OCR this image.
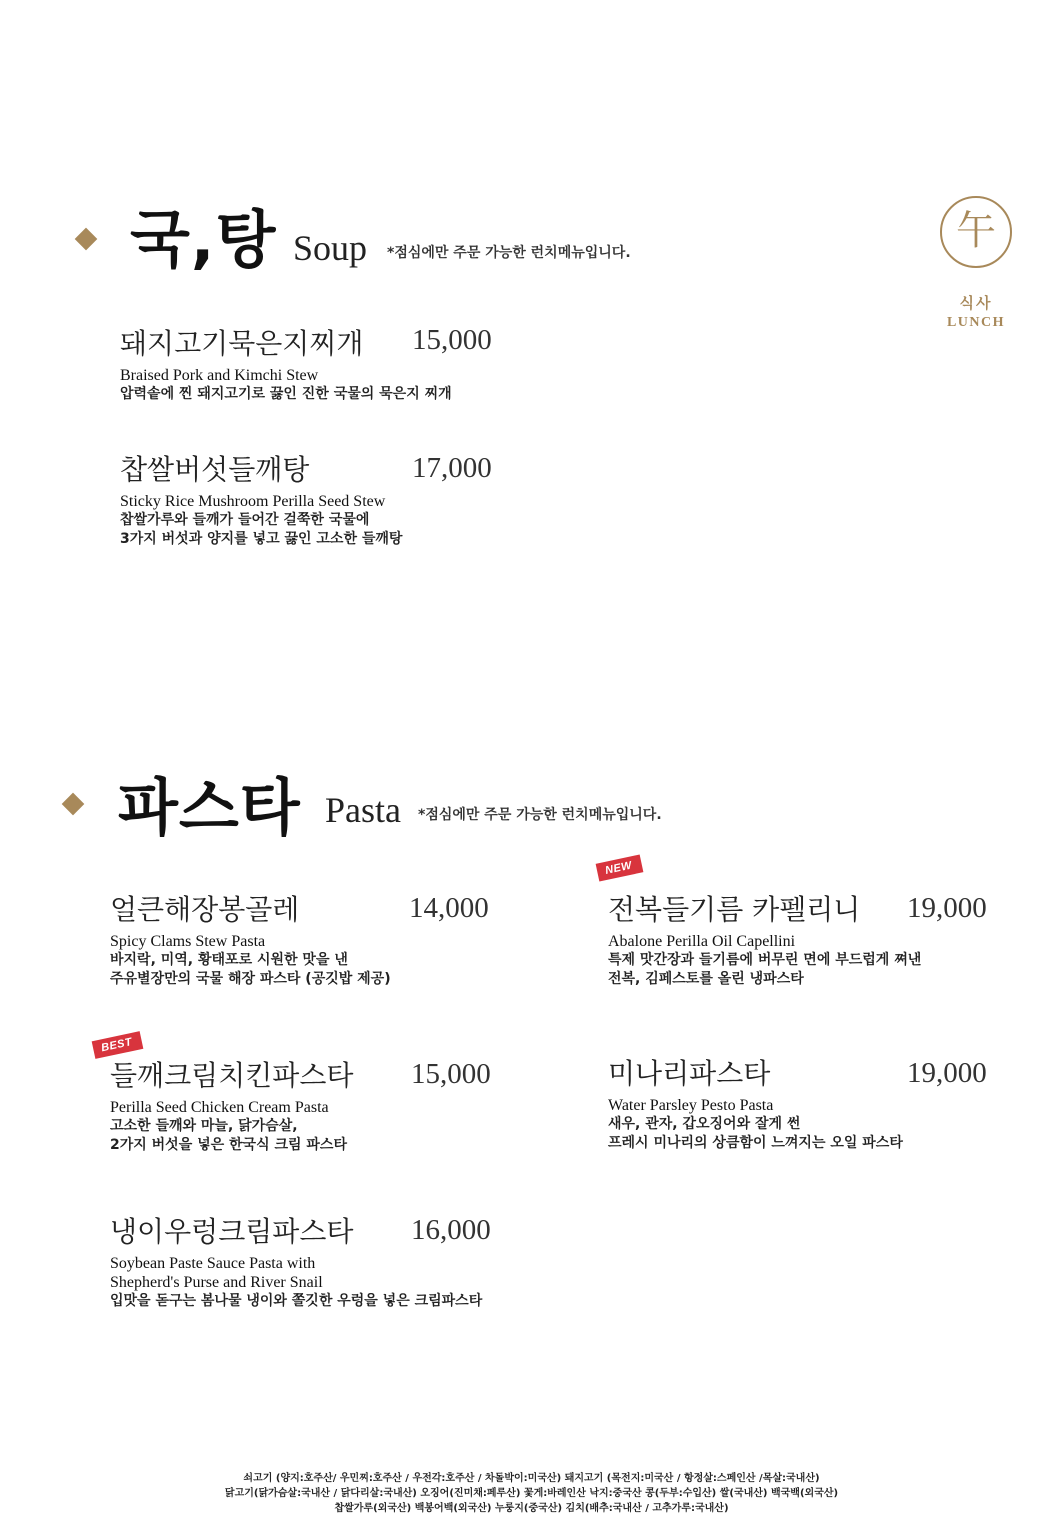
午
식사
LUNCH
국,탕 Soup *점심에만 주문 가능한 런치메뉴입니다.
돼지고기묵은지찌개
Braised Pork and Kimchi Stew
압력솥에 찐 돼지고기로 끓인 진한 국물의 묵은지 찌개
15,000
찹쌀버섯들깨탕
Sticky Rice Mushroom Perilla Seed Stew
찹쌀가루와 들깨가 들어간 걸쭉한 국물에
3가지 버섯과 양지를 넣고 끓인 고소한 들깨탕
17,000
파스타 Pasta *점심에만 주문 가능한 런치메뉴입니다.
얼큰해장봉골레
Spicy Clams Stew Pasta
바지락, 미역, 황태포로 시원한 맛을 낸
주유별장만의 국물 해장 파스타 (공깃밥 제공)
14,000
BEST
들깨크림치킨파스타
Perilla Seed Chicken Cream Pasta
고소한 들깨와 마늘, 닭가슴살,
2가지 버섯을 넣은 한국식 크림 파스타
15,000
냉이우렁크림파스타
Soybean Paste Sauce Pasta with
Shepherd's Purse and River Snail
입맛을 돋구는 봄나물 냉이와 쫄깃한 우렁을 넣은 크림파스타
16,000
NEW
전복들기름 카펠리니
Abalone Perilla Oil Capellini
특제 맛간장과 들기름에 버무린 면에 부드럽게 쪄낸
전복, 김페스토를 올린 냉파스타
19,000
미나리파스타
Water Parsley Pesto Pasta
새우, 관자, 갑오징어와 잘게 썬
프레시 미나리의 상큼함이 느껴지는 오일 파스타
19,000
쇠고기 (양지:호주산/ 우민찌:호주산 / 우전각:호주산 / 차돌박이:미국산) 돼지고기 (목전지:미국산 / 항정살:스페인산 /목살:국내산)
닭고기(닭가슴살:국내산 / 닭다리살:국내산) 오징어(진미채:페루산) 꽃게:바레인산 낙지:중국산 콩(두부:수입산) 쌀(국내산) 백국백(외국산)
찹쌀가루(외국산) 백봉어백(외국산) 누룽지(중국산) 김치(배추:국내산 / 고추가루:국내산)
